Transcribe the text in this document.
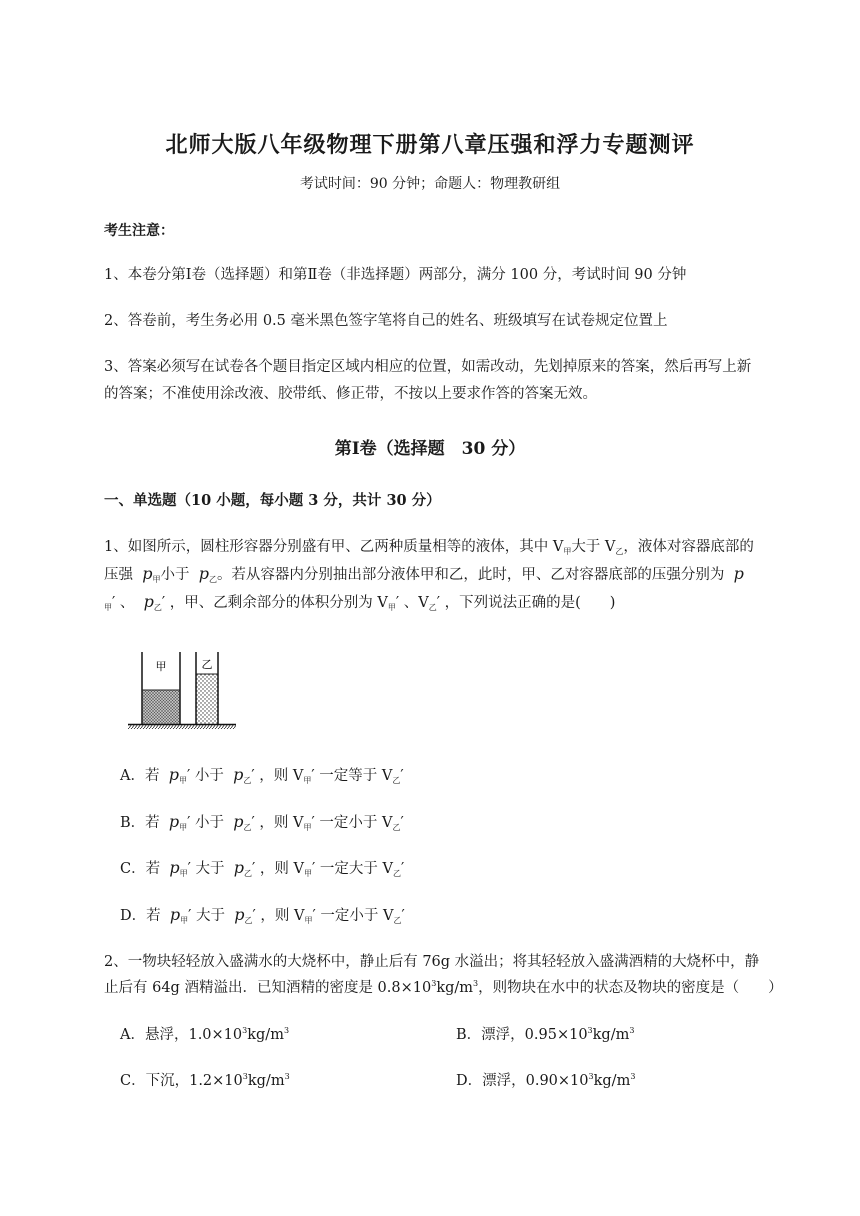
北师大版八年级物理下册第八章压强和浮力专题测评
考试时间：90 分钟；命题人：物理教研组
考生注意：
1、本卷分第Ⅰ卷（选择题）和第Ⅱ卷（非选择题）两部分，满分 100 分，考试时间 90 分钟
2、答卷前，考生务必用 0.5 毫米黑色签字笔将自己的姓名、班级填写在试卷规定位置上
3、答案必须写在试卷各个题目指定区域内相应的位置，如需改动，先划掉原来的答案，然后再写上新
的答案；不准使用涂改液、胶带纸、修正带，不按以上要求作答的答案无效。
第Ⅰ卷（选择题　30 分）
一、单选题（10 小题，每小题 3 分，共计 30 分）
1、如图所示，圆柱形容器分别盛有甲、乙两种质量相等的液体，其中 $V_甲$大于 $V_乙$，液体对容器底部的
压强 $p_甲$小于 $p_乙$。若从容器内分别抽出部分液体甲和乙，此时，甲、乙对容器底部的压强分别为 p
$_甲$′ 、 $p_乙'$ ，甲、乙剩余部分的体积分别为 $V_甲'$ 、$V_乙'$ ，下列说法正确的是(　　)
甲	乙
A．若 $p_甲'$ 小于 $p_乙'$ ，则 $V_甲'$ 一定等于 $V_乙'$
B．若 $p_甲'$ 小于 $p_乙'$ ，则 $V_甲'$ 一定小于 $V_乙'$
C．若 $p_甲'$ 大于 $p_乙'$ ，则 $V_甲'$ 一定大于 $V_乙'$
D．若 $p_甲'$ 大于 $p_乙'$ ，则 $V_甲'$ 一定小于 $V_乙'$
2、一物块轻轻放入盛满水的大烧杯中，静止后有 76g 水溢出；将其轻轻放入盛满酒精的大烧杯中，静
止后有 64g 酒精溢出．已知酒精的密度是 $0.8\times 10^3kg/m^3$，则物块在水中的状态及物块的密度是（　　）
A．悬浮，$1.0\times 10^3kg/m^3$	B．漂浮，$0.95\times 10^3kg/m^3$
C．下沉，$1.2\times 10^3kg/m^3$	D．漂浮，$0.90\times 10^3kg/m^3$
